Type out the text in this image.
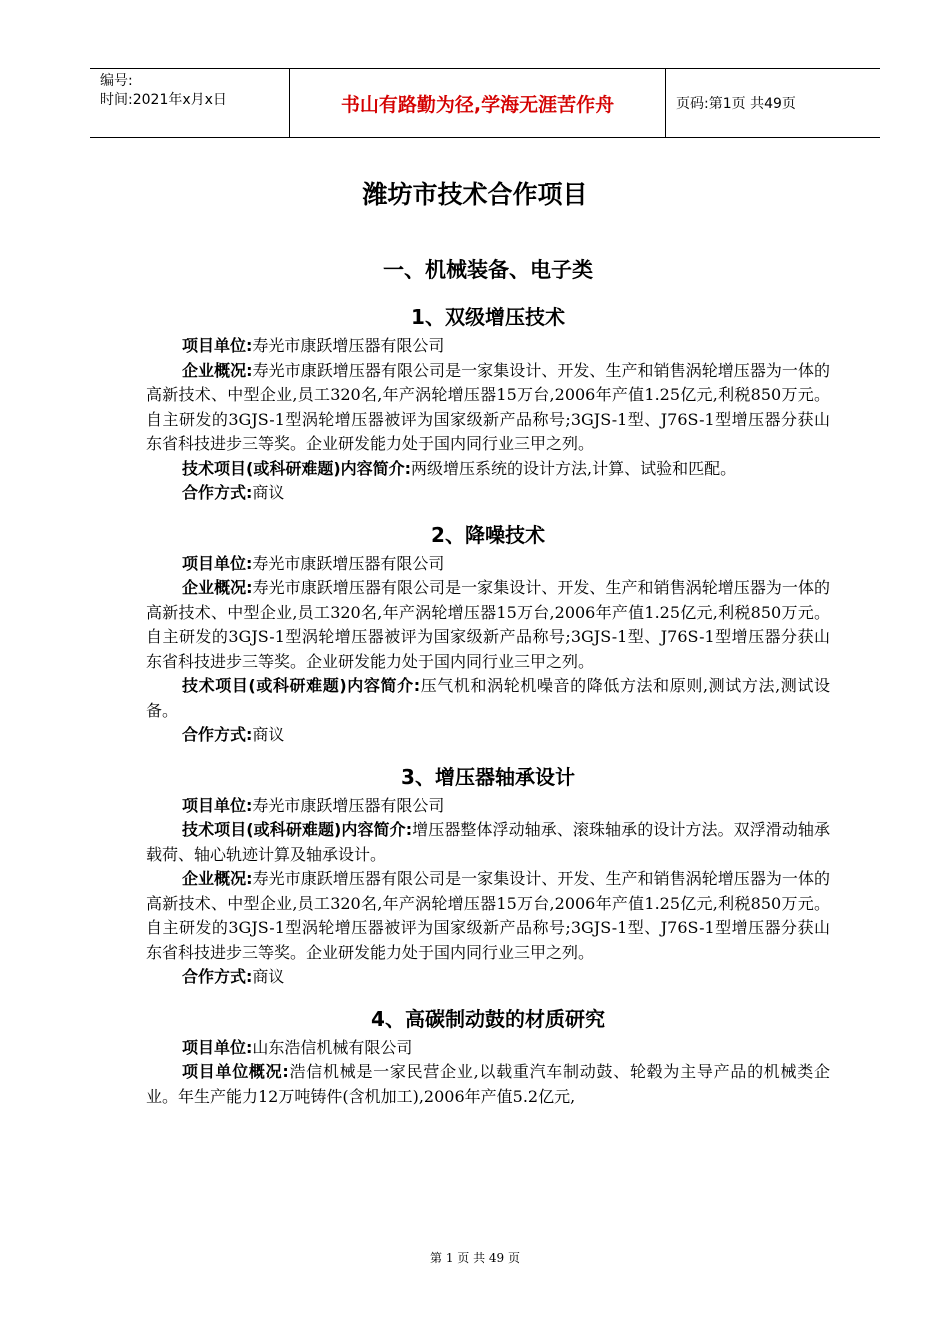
编号:
时间:2021年x月x日	书山有路勤为径,学海无涯苦作舟	页码:第1页 共49页
潍坊市技术合作项目
一、机械装备、电子类
1、双级增压技术

项目单位:寿光市康跃增压器有限公司

企业概况:寿光市康跃增压器有限公司是一家集设计、开发、生产和销售涡轮增压器为一体的高新技术、中型企业,员工320名,年产涡轮增压器15万台,2006年产值1.25亿元,利税850万元。自主研发的3GJS-1型涡轮增压器被评为国家级新产品称号;3GJS-1型、J76S-1型增压器分获山东省科技进步三等奖。企业研发能力处于国内同行业三甲之列。

技术项目(或科研难题)内容简介:两级增压系统的设计方法,计算、试验和匹配。

合作方式:商议

2、降噪技术

项目单位:寿光市康跃增压器有限公司

企业概况:寿光市康跃增压器有限公司是一家集设计、开发、生产和销售涡轮增压器为一体的高新技术、中型企业,员工320名,年产涡轮增压器15万台,2006年产值1.25亿元,利税850万元。自主研发的3GJS-1型涡轮增压器被评为国家级新产品称号;3GJS-1型、J76S-1型增压器分获山东省科技进步三等奖。企业研发能力处于国内同行业三甲之列。

技术项目(或科研难题)内容简介:压气机和涡轮机噪音的降低方法和原则,测试方法,测试设备。

合作方式:商议

3、增压器轴承设计

项目单位:寿光市康跃增压器有限公司

技术项目(或科研难题)内容简介:增压器整体浮动轴承、滚珠轴承的设计方法。双浮滑动轴承载荷、轴心轨迹计算及轴承设计。

企业概况:寿光市康跃增压器有限公司是一家集设计、开发、生产和销售涡轮增压器为一体的高新技术、中型企业,员工320名,年产涡轮增压器15万台,2006年产值1.25亿元,利税850万元。自主研发的3GJS-1型涡轮增压器被评为国家级新产品称号;3GJS-1型、J76S-1型增压器分获山东省科技进步三等奖。企业研发能力处于国内同行业三甲之列。

合作方式:商议

4、高碳制动鼓的材质研究

项目单位:山东浩信机械有限公司

项目单位概况:浩信机械是一家民营企业,以载重汽车制动鼓、轮毂为主导产品的机械类企业。年生产能力12万吨铸件(含机加工),2006年产值5.2亿元,

第 1 页 共 49 页
